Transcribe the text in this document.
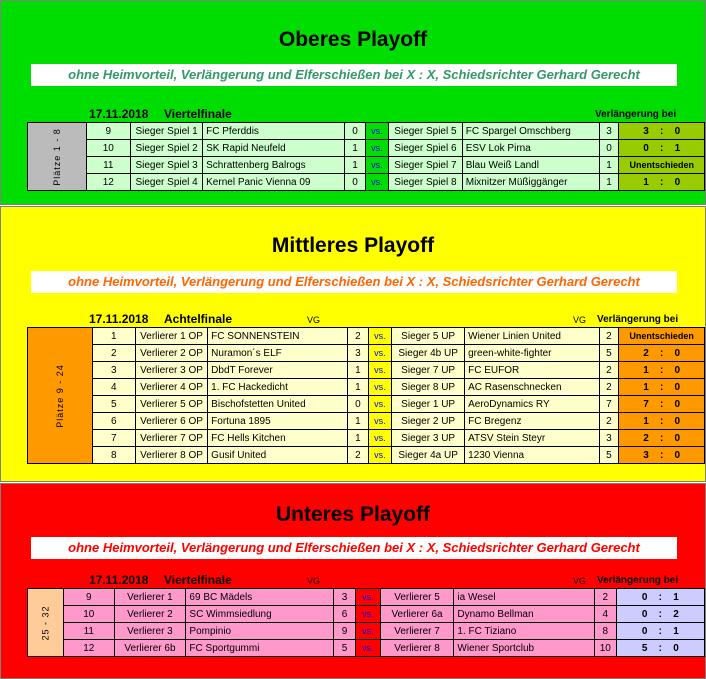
Oberes Playoff
ohne Heimvorteil, Verlängerung und Elferschießen bei X : X, Schiedsrichter Gerhard Gerecht
17.11.2018 Viertelfinale	Verlängerung bei
Plätze 1 - 8	9	Sieger Spiel 1	FC Pferddis	0	vs.	Sieger Spiel 5	FC Spargel Omschberg	3	3 : 0
	10	Sieger Spiel 2	SK Rapid Neufeld	1	vs.	Sieger Spiel 6	ESV Lok Pirna	0	0 : 1
	11	Sieger Spiel 3	Schrattenberg Balrogs	1	vs.	Sieger Spiel 7	Blau Weiß Landl	1	Unentschieden
	12	Sieger Spiel 4	Kernel Panic Vienna 09	0	vs.	Sieger Spiel 8	Mixnitzer Müßiggänger	1	1 : 0
Mittleres Playoff
ohne Heimvorteil, Verlängerung und Elferschießen bei X : X, Schiedsrichter Gerhard Gerecht
17.11.2018 Achtelfinale	VG	VG Verlängerung bei
Plätze 9 - 24	1	Verlierer 1 OP	FC SONNENSTEIN	2	vs.	Sieger 5 UP	Wiener Linien United	2	Unentschieden
	2	Verlierer 2 OP	Nuramon´s ELF	3	vs.	Sieger 4b UP	green-white-fighter	5	2 : 0
	3	Verlierer 3 OP	DbdT Forever	1	vs.	Sieger 7 UP	FC EUFOR	2	1 : 0
	4	Verlierer 4 OP	1. FC Hackedicht	1	vs.	Sieger 8 UP	AC Rasenschnecken	2	1 : 0
	5	Verlierer 5 OP	Bischofstetten United	0	vs.	Sieger 1 UP	AeroDynamics RY	7	7 : 0
	6	Verlierer 6 OP	Fortuna 1895	1	vs.	Sieger 2 UP	FC Bregenz	2	1 : 0
	7	Verlierer 7 OP	FC Hells Kitchen	1	vs.	Sieger 3 UP	ATSV Stein Steyr	3	2 : 0
	8	Verlierer 8 OP	Gusif United	2	vs.	Sieger 4a UP	1230 Vienna	5	3 : 0
Unteres Playoff
ohne Heimvorteil, Verlängerung und Elferschießen bei X : X, Schiedsrichter Gerhard Gerecht
17.11.2018 Viertelfinale	VG	VG Verlängerung bei
25 - 32	9	Verlierer 1	69 BC Mädels	3	vs.	Verlierer 5	ia Wesel	2	0 : 1
	10	Verlierer 2	SC Wimmsiedlung	6	vs.	Verlierer 6a	Dynamo Bellman	4	0 : 2
	11	Verlierer 3	Pompinio	9	vs.	Verlierer 7	1. FC Tiziano	8	0 : 1
	12	Verlierer 6b	FC Sportgummi	5	vs.	Verlierer 8	Wiener Sportclub	10	5 : 0
